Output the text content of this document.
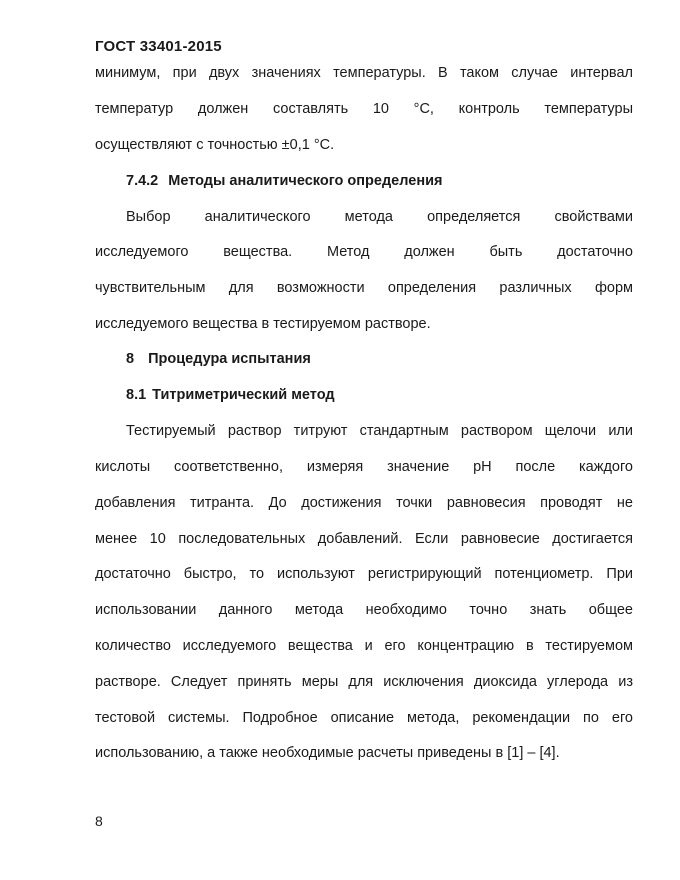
ГОСТ 33401-2015
минимум, при двух значениях температуры. В таком случае интервал
температур должен составлять 10 °С, контроль температуры
осуществляют с точностью ±0,1 °С.
7.4.2 Методы аналитического определения
Выбор аналитического метода определяется свойствами
исследуемого вещества. Метод должен быть достаточно
чувствительным для возможности определения различных форм
исследуемого вещества в тестируемом растворе.
8 Процедура испытания
8.1 Титриметрический метод
Тестируемый раствор титруют стандартным раствором щелочи или
кислоты соответственно, измеряя значение рН после каждого
добавления титранта. До достижения точки равновесия проводят не
менее 10 последовательных добавлений. Если равновесие достигается
достаточно быстро, то используют регистрирующий потенциометр. При
использовании данного метода необходимо точно знать общее
количество исследуемого вещества и его концентрацию в тестируемом
растворе. Следует принять меры для исключения диоксида углерода из
тестовой системы. Подробное описание метода, рекомендации по его
использованию, а также необходимые расчеты приведены в [1] – [4].
8
